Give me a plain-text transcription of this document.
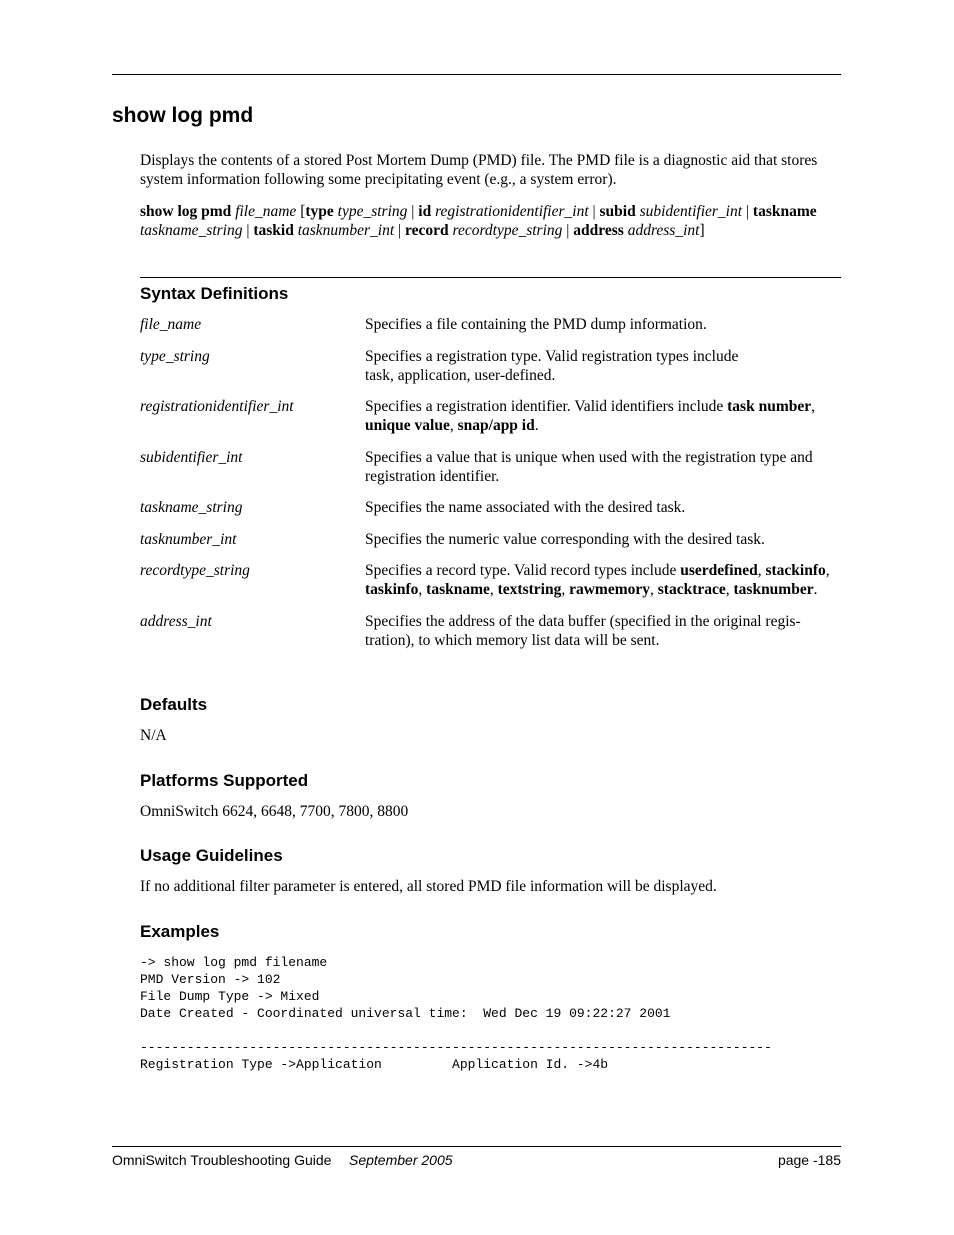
show log pmd

Displays the contents of a stored Post Mortem Dump (PMD) file. The PMD file is a diagnostic aid that stores system information following some precipitating event (e.g., a system error).

show log pmd file_name [type type_string | id registrationidentifier_int | subid subidentifier_int | taskname taskname_string | taskid tasknumber_int | record recordtype_string | address address_int]

Syntax Definitions
file_name	Specifies a file containing the PMD dump information.
type_string	Specifies a registration type. Valid registration types include
task, application, user-defined.
registrationidentifier_int	Specifies a registration identifier. Valid identifiers include task number, unique value, snap/app id.
subidentifier_int	Specifies a value that is unique when used with the registration type and registration identifier.
taskname_string	Specifies the name associated with the desired task.
tasknumber_int	Specifies the numeric value corresponding with the desired task.
recordtype_string	Specifies a record type. Valid record types include userdefined, stackinfo, taskinfo, taskname, textstring, rawmemory, stacktrace, tasknumber.
address_int	Specifies the address of the data buffer (specified in the original regis-tration), to which memory list data will be sent.
Defaults

N/A

Platforms Supported

OmniSwitch 6624, 6648, 7700, 7800, 8800

Usage Guidelines

If no additional filter parameter is entered, all stored PMD file information will be displayed.

Examples
-> show log pmd filename
PMD Version -> 102
File Dump Type -> Mixed
Date Created - Coordinated universal time:  Wed Dec 19 09:22:27 2001

---------------------------------------------------------------------------------
Registration Type ->Application         Application Id. ->4b
OmniSwitch Troubleshooting Guide September 2005	page -185
